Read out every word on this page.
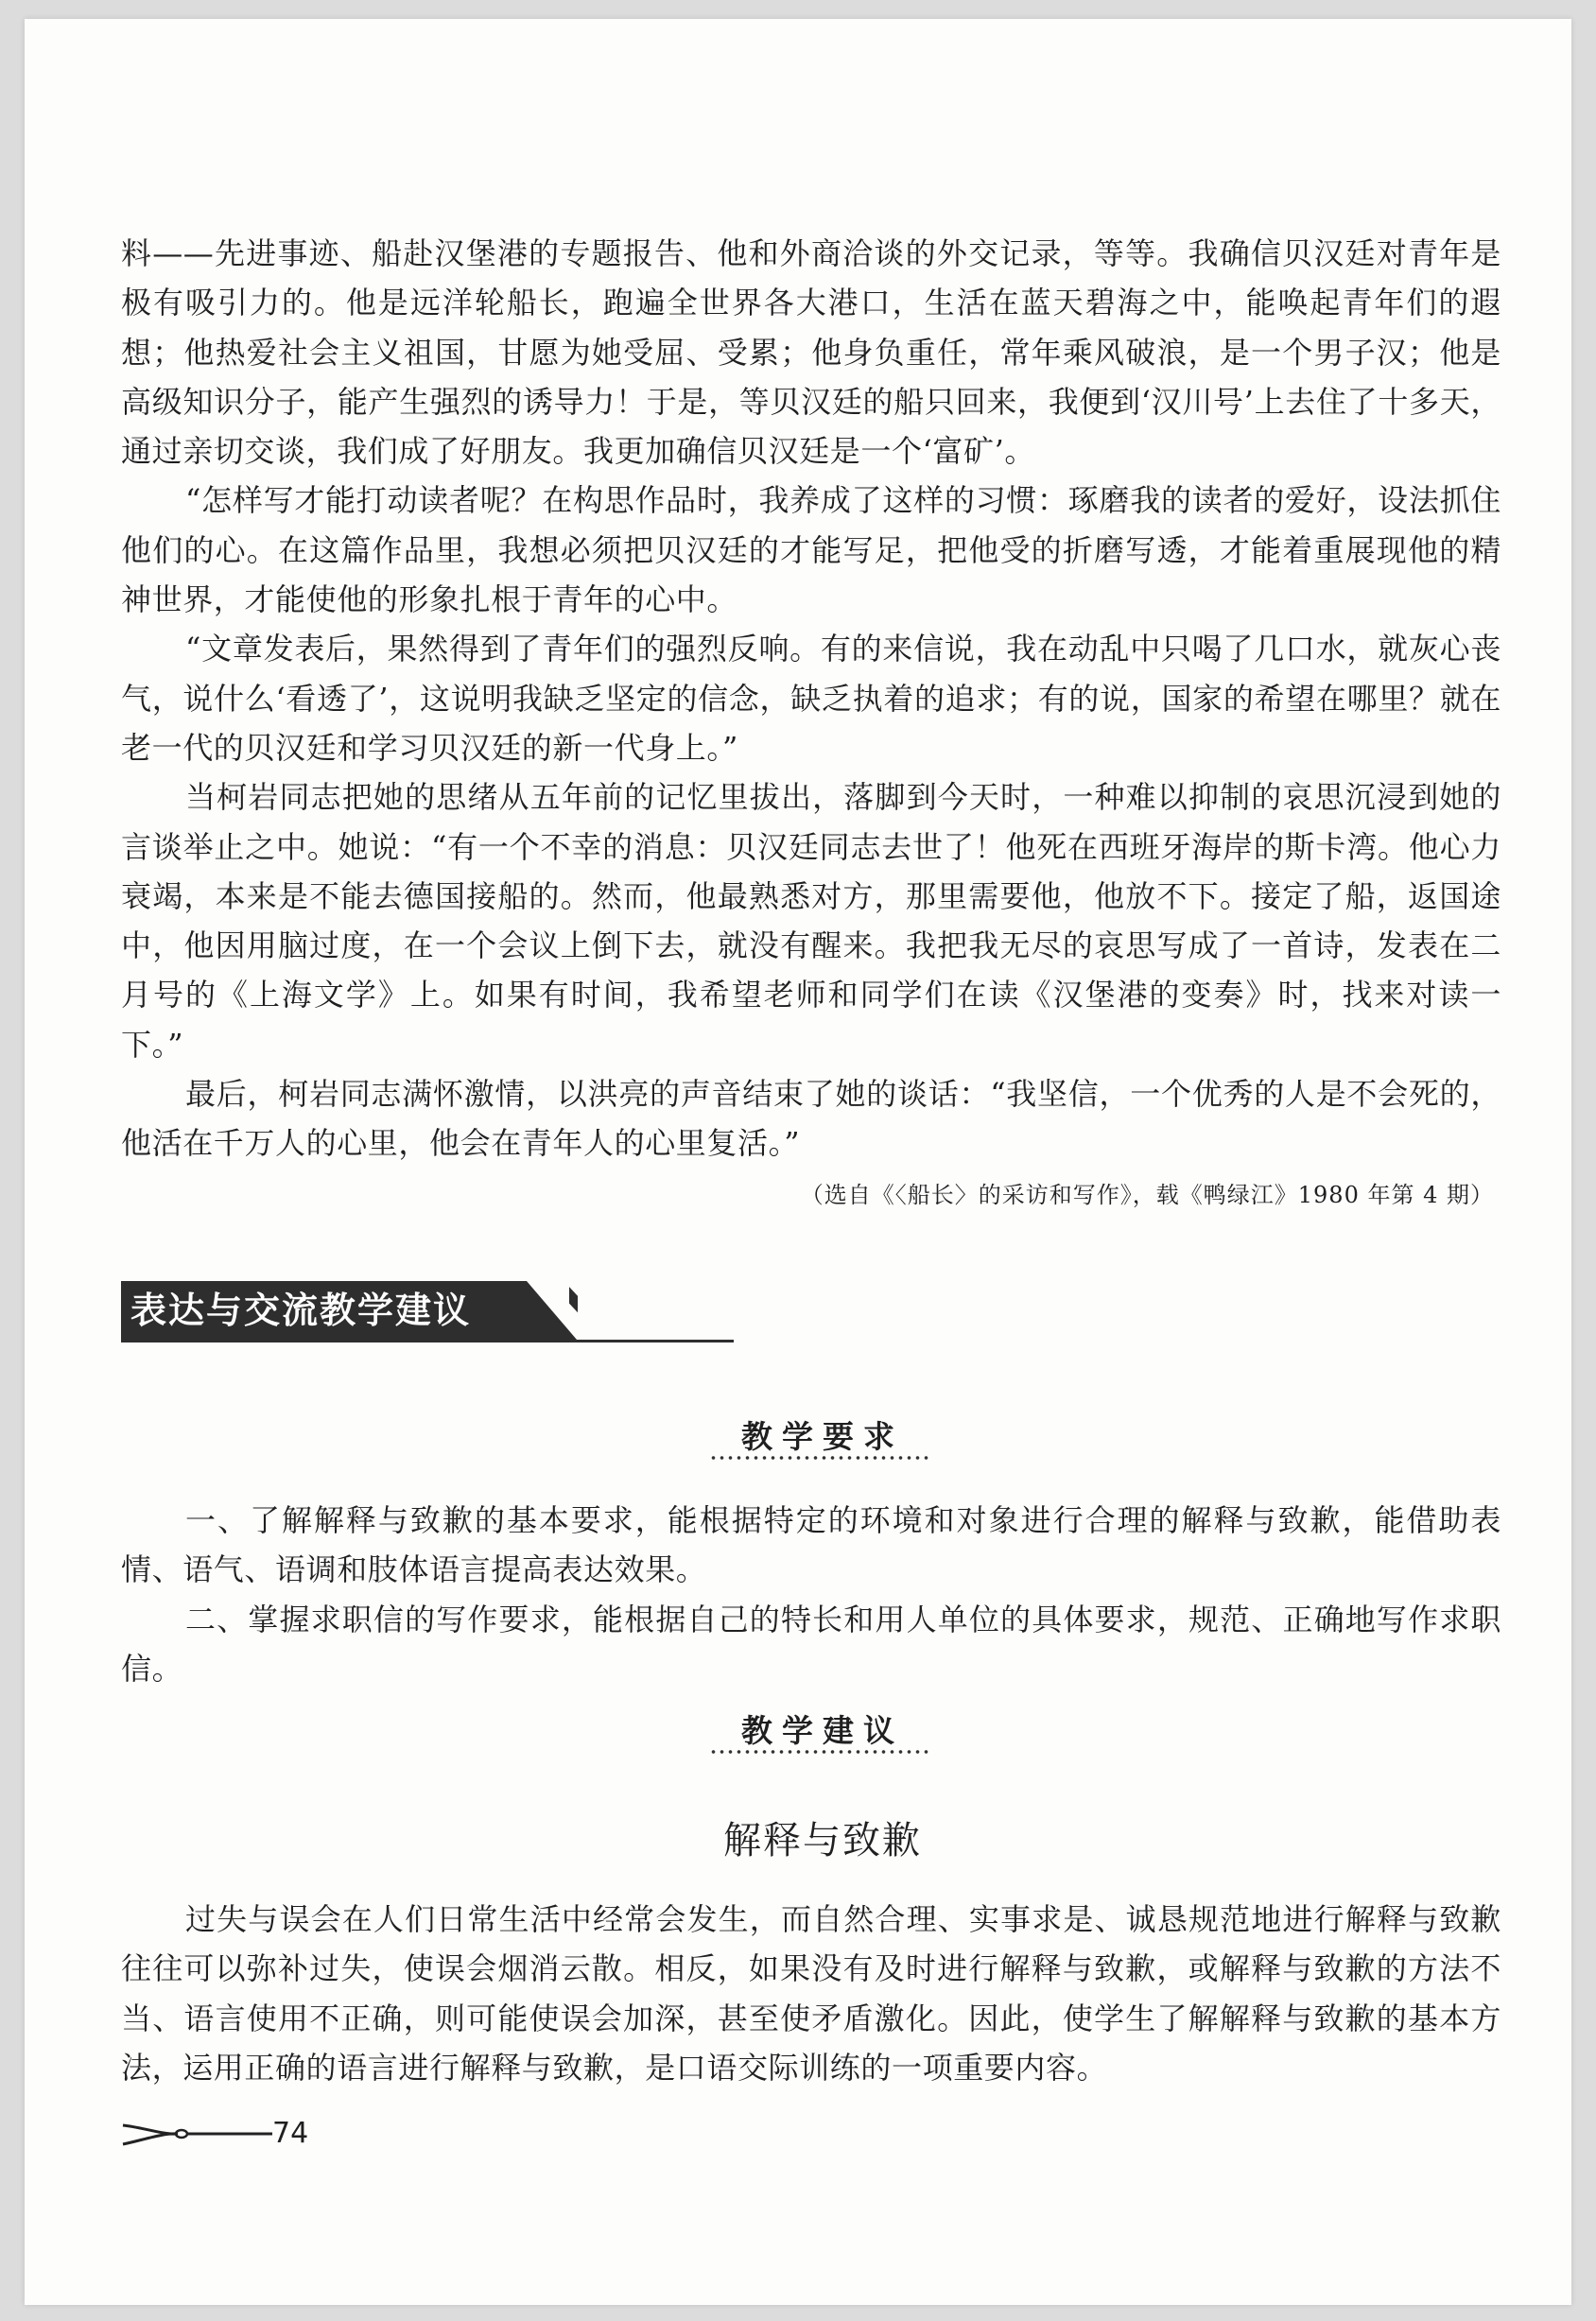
料——先进事迹、船赴汉堡港的专题报告、他和外商洽谈的外交记录，等等。我确信贝汉廷对青年是极有吸引力的。他是远洋轮船长，跑遍全世界各大港口，生活在蓝天碧海之中，能唤起青年们的遐想；他热爱社会主义祖国，甘愿为她受屈、受累；他身负重任，常年乘风破浪，是一个男子汉；他是高级知识分子，能产生强烈的诱导力！于是，等贝汉廷的船只回来，我便到‘汉川号’上去住了十多天，通过亲切交谈，我们成了好朋友。我更加确信贝汉廷是一个‘富矿’。

“怎样写才能打动读者呢？在构思作品时，我养成了这样的习惯：琢磨我的读者的爱好，设法抓住他们的心。在这篇作品里，我想必须把贝汉廷的才能写足，把他受的折磨写透，才能着重展现他的精神世界，才能使他的形象扎根于青年的心中。

“文章发表后，果然得到了青年们的强烈反响。有的来信说，我在动乱中只喝了几口水，就灰心丧气，说什么‘看透了’，这说明我缺乏坚定的信念，缺乏执着的追求；有的说，国家的希望在哪里？就在老一代的贝汉廷和学习贝汉廷的新一代身上。”

当柯岩同志把她的思绪从五年前的记忆里拔出，落脚到今天时，一种难以抑制的哀思沉浸到她的言谈举止之中。她说：“有一个不幸的消息：贝汉廷同志去世了！他死在西班牙海岸的斯卡湾。他心力衰竭，本来是不能去德国接船的。然而，他最熟悉对方，那里需要他，他放不下。接定了船，返国途中，他因用脑过度，在一个会议上倒下去，就没有醒来。我把我无尽的哀思写成了一首诗，发表在二月号的《上海文学》上。如果有时间，我希望老师和同学们在读《汉堡港的变奏》时，找来对读一下。”

最后，柯岩同志满怀激情，以洪亮的声音结束了她的谈话：“我坚信，一个优秀的人是不会死的，他活在千万人的心里，他会在青年人的心里复活。”

（选自《〈船长〉的采访和写作》，载《鸭绿江》1980 年第 4 期）
表达与交流教学建议
教学要求

一、了解解释与致歉的基本要求，能根据特定的环境和对象进行合理的解释与致歉，能借助表情、语气、语调和肢体语言提高表达效果。

二、掌握求职信的写作要求，能根据自己的特长和用人单位的具体要求，规范、正确地写作求职信。

教学建议
解释与致歉

过失与误会在人们日常生活中经常会发生，而自然合理、实事求是、诚恳规范地进行解释与致歉往往可以弥补过失，使误会烟消云散。相反，如果没有及时进行解释与致歉，或解释与致歉的方法不当、语言使用不正确，则可能使误会加深，甚至使矛盾激化。因此，使学生了解解释与致歉的基本方法，运用正确的语言进行解释与致歉，是口语交际训练的一项重要内容。

74
